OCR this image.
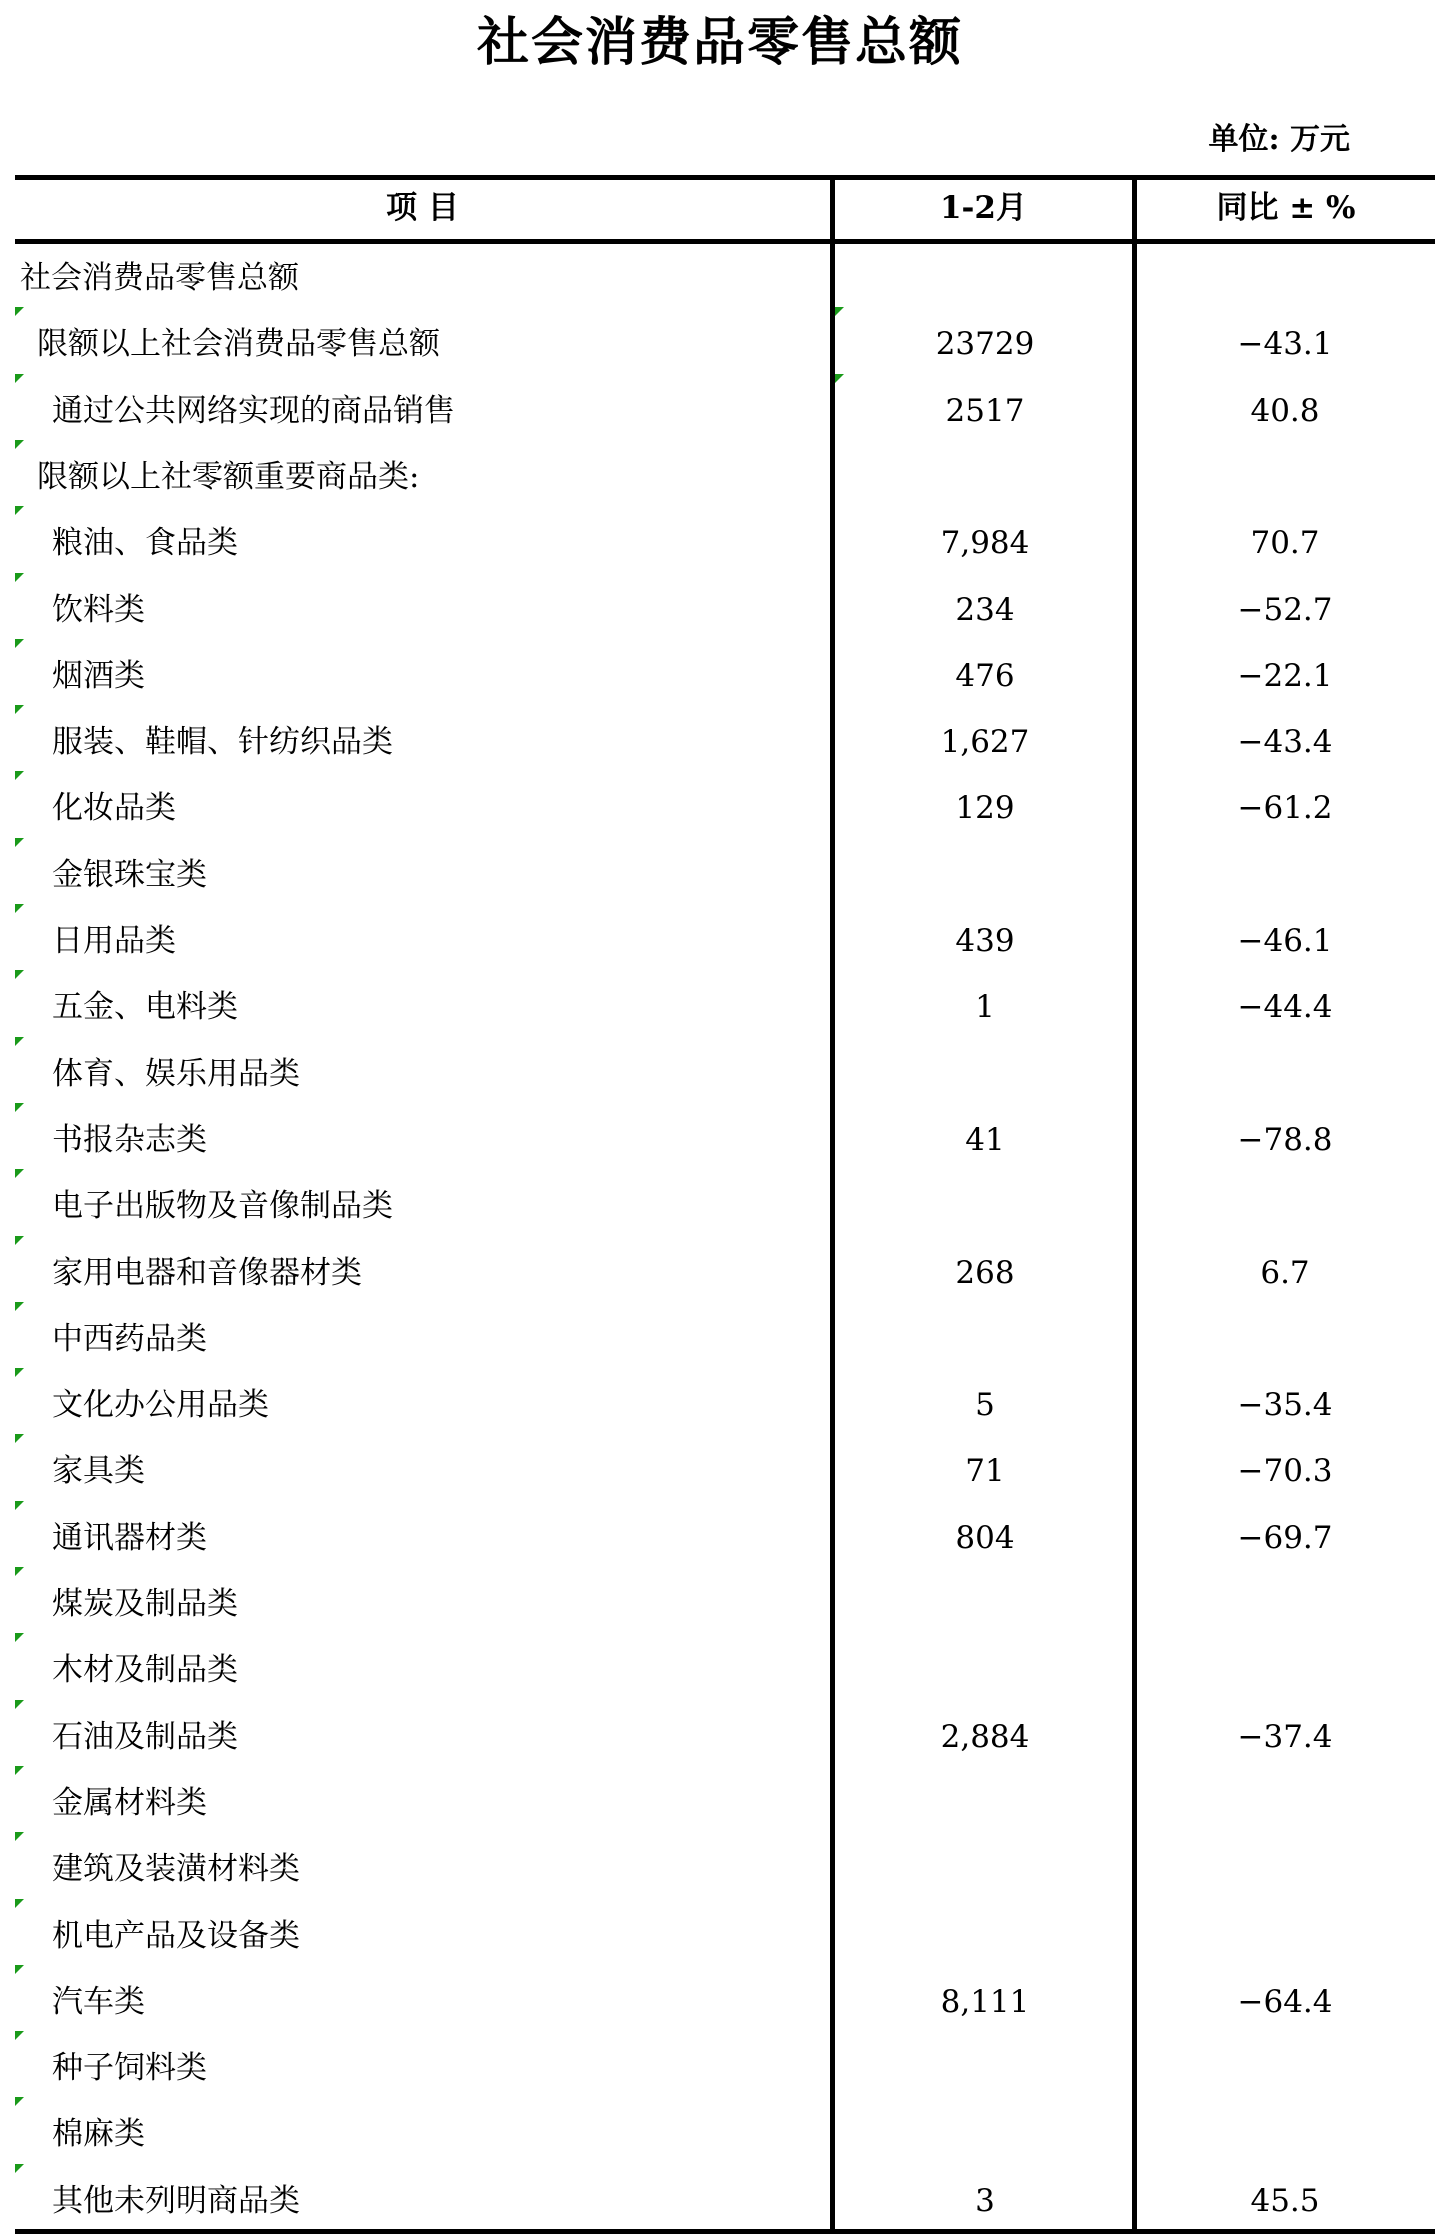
社会消费品零售总额
单位: 万元
项 目	1-2月	同比 ± %
社会消费品零售总额
限额以上社会消费品零售总额	23729	−43.1
通过公共网络实现的商品销售	2517	40.8
限额以上社零额重要商品类:
粮油、食品类	7,984	70.7
饮料类	234	−52.7
烟酒类	476	−22.1
服装、鞋帽、针纺织品类	1,627	−43.4
化妆品类	129	−61.2
金银珠宝类
日用品类	439	−46.1
五金、电料类	1	−44.4
体育、娱乐用品类
书报杂志类	41	−78.8
电子出版物及音像制品类
家用电器和音像器材类	268	6.7
中西药品类
文化办公用品类	5	−35.4
家具类	71	−70.3
通讯器材类	804	−69.7
煤炭及制品类
木材及制品类
石油及制品类	2,884	−37.4
金属材料类
建筑及装潢材料类
机电产品及设备类
汽车类	8,111	−64.4
种子饲料类
棉麻类
其他未列明商品类	3	45.5
